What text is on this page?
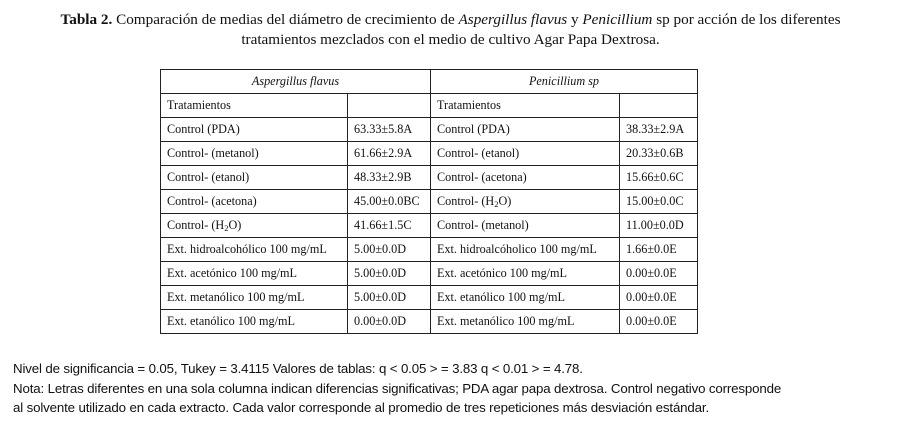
Tabla 2. Comparación de medias del diámetro de crecimiento de Aspergillus flavus y Penicillium sp por acción de los diferentes
tratamientos mezclados con el medio de cultivo Agar Papa Dextrosa.
Aspergillus flavus		Penicillium sp	
Tratamientos		Tratamientos	
Control (PDA)	63.33±5.8A	Control (PDA)	38.33±2.9A
Control- (metanol)	61.66±2.9A	Control- (etanol)	20.33±0.6B
Control- (etanol)	48.33±2.9B	Control- (acetona)	15.66±0.6C
Control- (acetona)	45.00±0.0BC	Control- $(H_2O)$	15.00±0.0C
Control- $(H_2O)$	41.66±1.5C	Control- (metanol)	11.00±0.0D
Ext. hidroalcohólico 100 mg/mL	5.00±0.0D	Ext. hidroalcóholico 100 mg/mL	1.66±0.0E
Ext. acetónico 100 mg/mL	5.00±0.0D	Ext. acetónico 100 mg/mL	0.00±0.0E
Ext. metanólico 100 mg/mL	5.00±0.0D	Ext. etanólico 100 mg/mL	0.00±0.0E
Ext. etanólico 100 mg/mL	0.00±0.0D	Ext. metanólico 100 mg/mL	0.00±0.0E
Nivel de significancia = 0.05, Tukey = 3.4115 Valores de tablas: q < 0.05 > = 3.83 q < 0.01 > = 4.78.
Nota: Letras diferentes en una sola columna indican diferencias significativas; PDA agar papa dextrosa. Control negativo corresponde
al solvente utilizado en cada extracto. Cada valor corresponde al promedio de tres repeticiones más desviación estándar.
